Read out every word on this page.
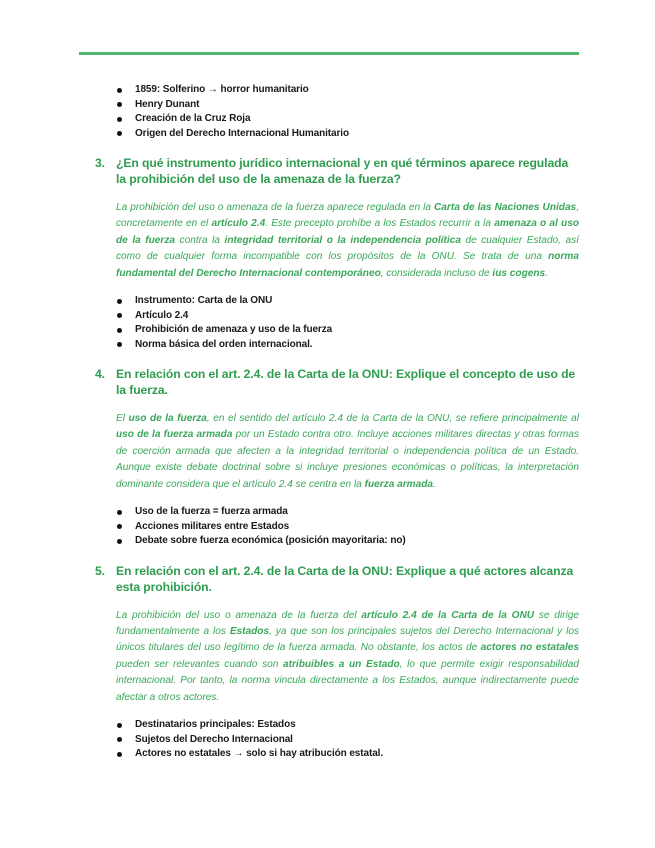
1859: Solferino → horror humanitario
Henry Dunant
Creación de la Cruz Roja
Origen del Derecho Internacional Humanitario
3. ¿En qué instrumento jurídico internacional y en qué términos aparece regulada la prohibición del uso de la amenaza de la fuerza?

La prohibición del uso o amenaza de la fuerza aparece regulada en la Carta de las Naciones Unidas, concretamente en el artículo 2.4. Este precepto prohíbe a los Estados recurrir a la amenaza o al uso de la fuerza contra la integridad territorial o la independencia política de cualquier Estado, así como de cualquier forma incompatible con los propósitos de la ONU. Se trata de una norma fundamental del Derecho Internacional contemporáneo, considerada incluso de ius cogens.

Instrumento: Carta de la ONU
Artículo 2.4
Prohibición de amenaza y uso de la fuerza
Norma básica del orden internacional.
4. En relación con el art. 2.4. de la Carta de la ONU: Explique el concepto de uso de la fuerza.

El uso de la fuerza, en el sentido del artículo 2.4 de la Carta de la ONU, se refiere principalmente al uso de la fuerza armada por un Estado contra otro. Incluye acciones militares directas y otras formas de coerción armada que afecten a la integridad territorial o independencia política de un Estado. Aunque existe debate doctrinal sobre si incluye presiones económicas o políticas, la interpretación dominante considera que el artículo 2.4 se centra en la fuerza armada.

Uso de la fuerza = fuerza armada
Acciones militares entre Estados
Debate sobre fuerza económica (posición mayoritaria: no)
5. En relación con el art. 2.4. de la Carta de la ONU: Explique a qué actores alcanza esta prohibición.

La prohibición del uso o amenaza de la fuerza del artículo 2.4 de la Carta de la ONU se dirige fundamentalmente a los Estados, ya que son los principales sujetos del Derecho Internacional y los únicos titulares del uso legítimo de la fuerza armada. No obstante, los actos de actores no estatales pueden ser relevantes cuando son atribuibles a un Estado, lo que permite exigir responsabilidad internacional. Por tanto, la norma vincula directamente a los Estados, aunque indirectamente puede afectar a otros actores.

Destinatarios principales: Estados
Sujetos del Derecho Internacional
Actores no estatales → solo si hay atribución estatal.
